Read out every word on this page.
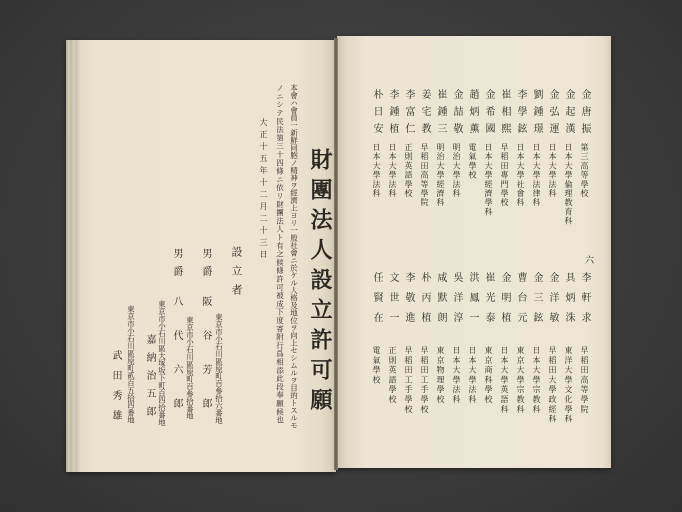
財團法人設立許可願
本會ハ會員一新鮮同胞ノ精神ヲ經濟上ヨリ一般社會ニ於ケル人格及地位ヲ向上セシムルヲ目的トスルモ
ノニシテ民法第三十四條ニ依リ財團法人ト有之候條許可被成下度寄附行爲相添此段奉願候也
大正十五年十二月二十三日
設立者
東京市小石川區原町百參拾六番地
男爵
阪谷芳郎
東京市小石川區原町百參拾番地
男爵
八代六郎
東京市小石川區大塚坂下町百四拾番地
嘉納治五郎
東京市小石川區原町貳百五拾四番地
武田秀雄
六
金唐振
第三高等學校
金起漢
日本大學倫理教育科
金弘運
日本大學法科
劉鍾璟
日本大學法律科
李學鉉
日本大學社會科
崔相熙
早稻田專門學校
金希國
日本大學經濟學科
趙炳薫
電氣學校
金喆敬
明治大學法科
崔鍾三
明治大學經濟科
姜宅教
早稻田高等學院
李富仁
正則英語學校
李鍾植
日本大學法科
朴日安
日本大學法科
李軒求
早稻田高等學院
具炳洙
東洋大學文化學科
金洋敏
早稻田大學政經科
金三鉉
日本大學宗教科
曹台元
東京大學宗教科
金明植
日本大學英語科
崔光泰
東京商科學校
洪鳳一
日本大學法科
吳洋淳
日本大學法科
咸默朗
東京物理學校
朴丙植
早稻田工手學校
李敬進
早稻田工手學校
文世一
正則英語學校
任賢在
電氣學校
